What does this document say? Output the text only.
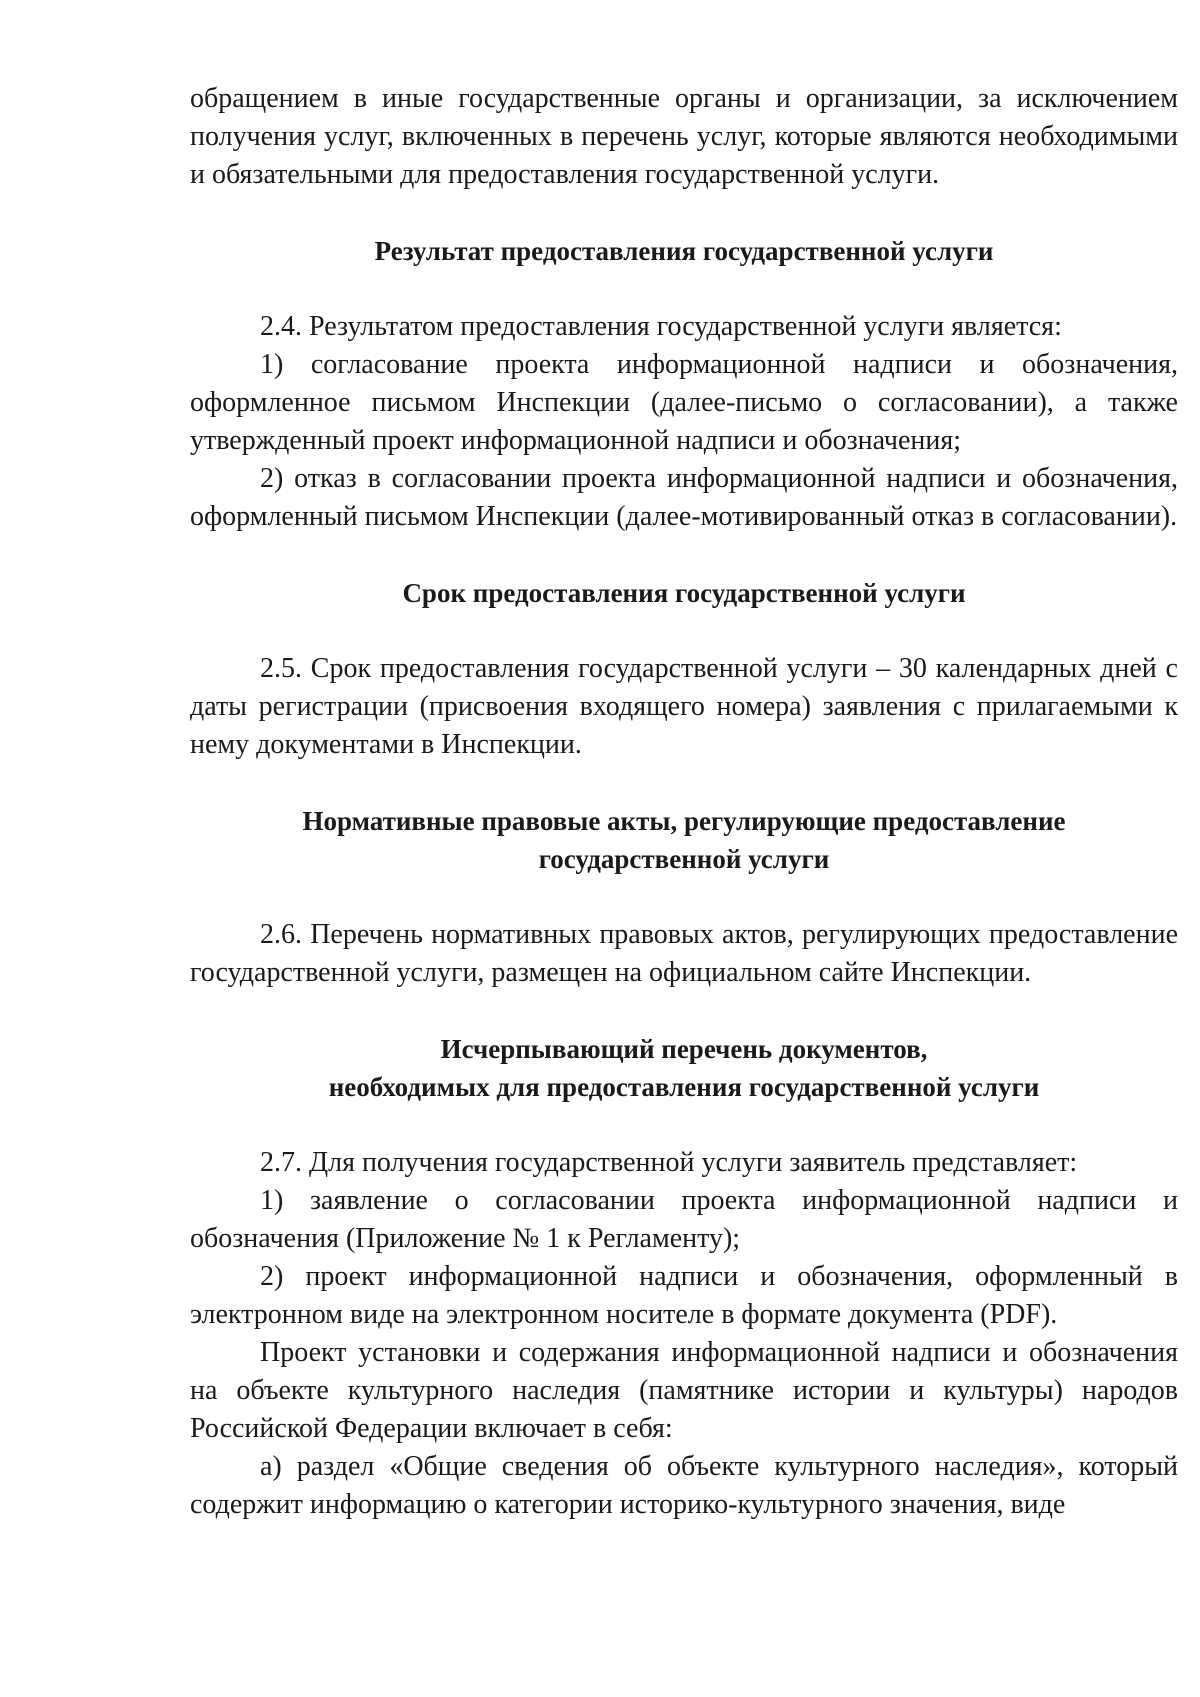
обращением в иные государственные органы и организации, за исключением получения услуг, включенных в перечень услуг, которые являются необходимыми и обязательными для предоставления государственной услуги.

Результат предоставления государственной услуги

2.4. Результатом предоставления государственной услуги является:

1) согласование проекта информационной надписи и обозначения, оформленное письмом Инспекции (далее-письмо о согласовании), а также утвержденный проект информационной надписи и обозначения;

2) отказ в согласовании проекта информационной надписи и обозначения, оформленный письмом Инспекции (далее-мотивированный отказ в согласовании).

Срок предоставления государственной услуги

2.5. Срок предоставления государственной услуги – 30 календарных дней с даты регистрации (присвоения входящего номера) заявления с прилагаемыми к нему документами в Инспекции.

Нормативные правовые акты, регулирующие предоставление
государственной услуги

2.6. Перечень нормативных правовых актов, регулирующих предоставление государственной услуги, размещен на официальном сайте Инспекции.

Исчерпывающий перечень документов,
необходимых для предоставления государственной услуги

2.7. Для получения государственной услуги заявитель представляет:

1) заявление о согласовании проекта информационной надписи и обозначения (Приложение № 1 к Регламенту);

2) проект информационной надписи и обозначения, оформленный в электронном виде на электронном носителе в формате документа (PDF).

Проект установки и содержания информационной надписи и обозначения на объекте культурного наследия (памятнике истории и культуры) народов Российской Федерации включает в себя:

а) раздел «Общие сведения об объекте культурного наследия», который содержит информацию о категории историко-культурного значения, виде
